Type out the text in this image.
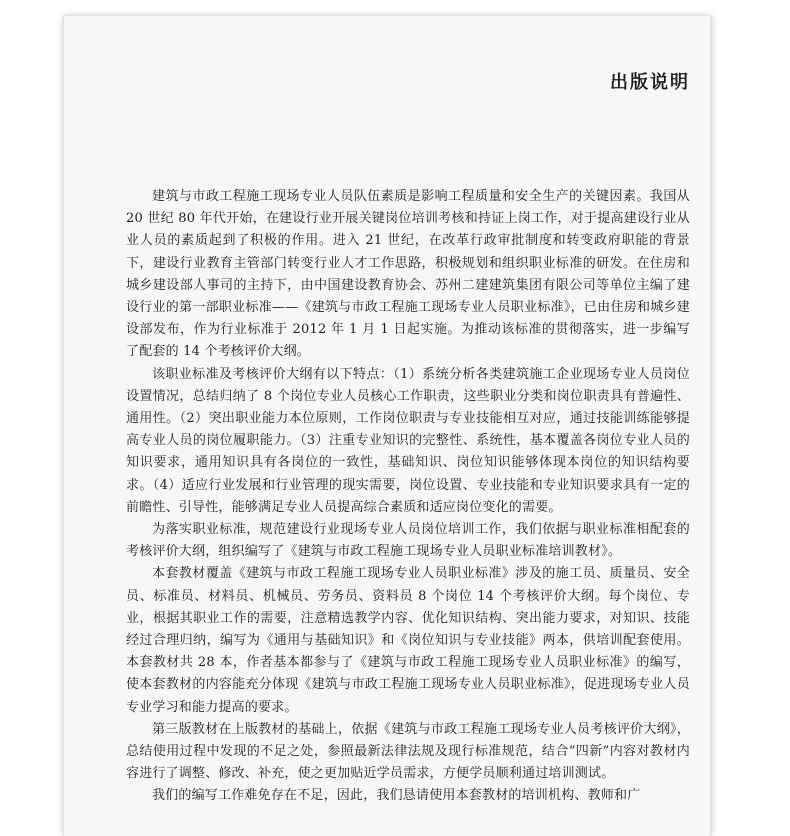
出版说明

建筑与市政工程施工现场专业人员队伍素质是影响工程质量和安全生产的关键因素。我国从 20 世纪 80 年代开始，在建设行业开展关键岗位培训考核和持证上岗工作，对于提高建设行业从业人员的素质起到了积极的作用。进入 21 世纪，在改革行政审批制度和转变政府职能的背景下，建设行业教育主管部门转变行业人才工作思路，积极规划和组织职业标准的研发。在住房和城乡建设部人事司的主持下，由中国建设教育协会、苏州二建建筑集团有限公司等单位主编了建设行业的第一部职业标准——《建筑与市政工程施工现场专业人员职业标准》，已由住房和城乡建设部发布，作为行业标准于 2012 年 1 月 1 日起实施。为推动该标准的贯彻落实，进一步编写了配套的 14 个考核评价大纲。

该职业标准及考核评价大纲有以下特点：（1）系统分析各类建筑施工企业现场专业人员岗位设置情况，总结归纳了 8 个岗位专业人员核心工作职责，这些职业分类和岗位职责具有普遍性、通用性。（2）突出职业能力本位原则，工作岗位职责与专业技能相互对应，通过技能训练能够提高专业人员的岗位履职能力。（3）注重专业知识的完整性、系统性，基本覆盖各岗位专业人员的知识要求，通用知识具有各岗位的一致性，基础知识、岗位知识能够体现本岗位的知识结构要求。（4）适应行业发展和行业管理的现实需要，岗位设置、专业技能和专业知识要求具有一定的前瞻性、引导性，能够满足专业人员提高综合素质和适应岗位变化的需要。

为落实职业标准，规范建设行业现场专业人员岗位培训工作，我们依据与职业标准相配套的考核评价大纲，组织编写了《建筑与市政工程施工现场专业人员职业标准培训教材》。

本套教材覆盖《建筑与市政工程施工现场专业人员职业标准》涉及的施工员、质量员、安全员、标准员、材料员、机械员、劳务员、资料员 8 个岗位 14 个考核评价大纲。每个岗位、专业，根据其职业工作的需要，注意精选教学内容、优化知识结构、突出能力要求，对知识、技能经过合理归纳，编写为《通用与基础知识》和《岗位知识与专业技能》两本，供培训配套使用。本套教材共 28 本，作者基本都参与了《建筑与市政工程施工现场专业人员职业标准》的编写，使本套教材的内容能充分体现《建筑与市政工程施工现场专业人员职业标准》，促进现场专业人员专业学习和能力提高的要求。

第三版教材在上版教材的基础上，依据《建筑与市政工程施工现场专业人员考核评价大纲》，总结使用过程中发现的不足之处，参照最新法律法规及现行标准规范，结合“四新”内容对教材内容进行了调整、修改、补充，使之更加贴近学员需求，方便学员顺利通过培训测试。

我们的编写工作难免存在不足，因此，我们恳请使用本套教材的培训机构、教师和广
